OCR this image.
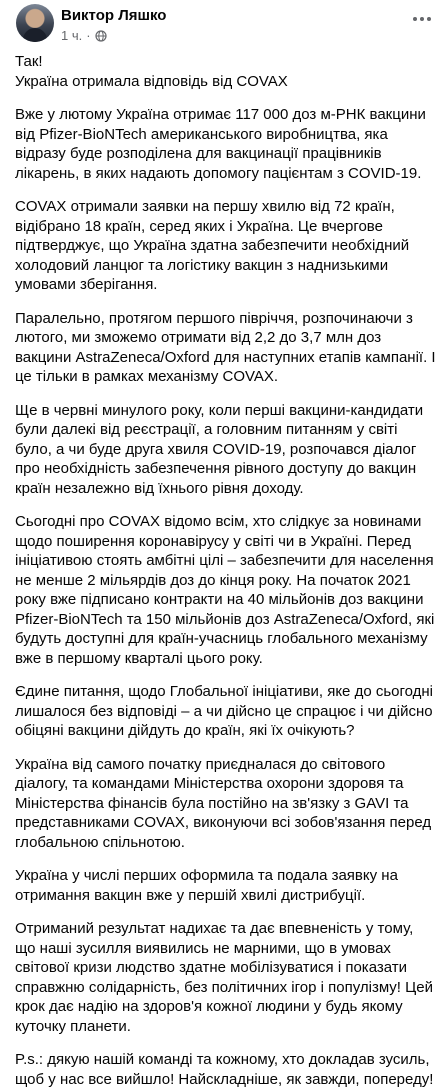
Виктор Ляшко
1 ч. ·

Так!

Україна отримала відповідь від COVAX

Вже у лютому Україна отримає 117 000 доз м-РНК вакцини від Pfizer-BioNTech американського виробництва, яка відразу буде розподілена для вакцинації працівників лікарень, в яких надають допомогу пацієнтам з COVID-19.

COVAX отримали заявки на першу хвилю від 72 країн, відібрано 18 країн, серед яких і Україна. Це вчергове підтверджує, що Україна здатна забезпечити необхідний холодовий ланцюг та логістику вакцин з наднизькими умовами зберігання.

Паралельно, протягом першого півріччя, розпочинаючи з лютого, ми зможемо отримати від 2,2 до 3,7 млн доз вакцини AstraZeneca/Oxford для наступних етапів кампанії. І це тільки в рамках механізму COVAX.

Ще в червні минулого року, коли перші вакцини-кандидати були далекі від реєстрації, а головним питанням у світі було, а чи буде друга хвиля COVID-19, розпочався діалог про необхідність забезпечення рівного доступу до вакцин країн незалежно від їхнього рівня доходу.

Сьогодні про COVAX відомо всім, хто слідкує за новинами щодо поширення коронавірусу у світі чи в Україні. Перед ініціативою стоять амбітні цілі – забезпечити для населення не менше 2 мільярдів доз до кінця року. На початок 2021 року вже підписано контракти на 40 мільйонів доз вакцини Pfizer-BioNTech та 150 мільйонів доз AstraZeneca/Oxford, які будуть доступні для країн-учасниць глобального механізму вже в першому кварталі цього року.

Єдине питання, щодо Глобальної ініціативи, яке до сьогодні лишалося без відповіді – а чи дійсно це спрацює і чи дійсно обіцяні вакцини дійдуть до країн, які їх очікують?

Україна від самого початку приєдналася до світового діалогу, та командами Міністерства охорони здоровя та Міністерства фінансів була постійно на зв'язку з GAVI та представниками COVAX, виконуючи всі зобов'язання перед глобальною спільнотою.

Україна у числі перших оформила та подала заявку на отримання вакцин вже у першій хвилі дистрибуції.

Отриманий результат надихає та дає впевненість у тому, що наші зусилля виявились не марними, що в умовах світової кризи людство здатне мобілізуватися і показати справжню солідарність, без політичних ігор і популізму! Цей крок дає надію на здоров'я кожної людини у будь якому куточку планети.

P.s.: дякую нашій команді та кожному, хто докладав зусиль, щоб у нас все вийшло! Найскладніше, як завжди, попереду!
